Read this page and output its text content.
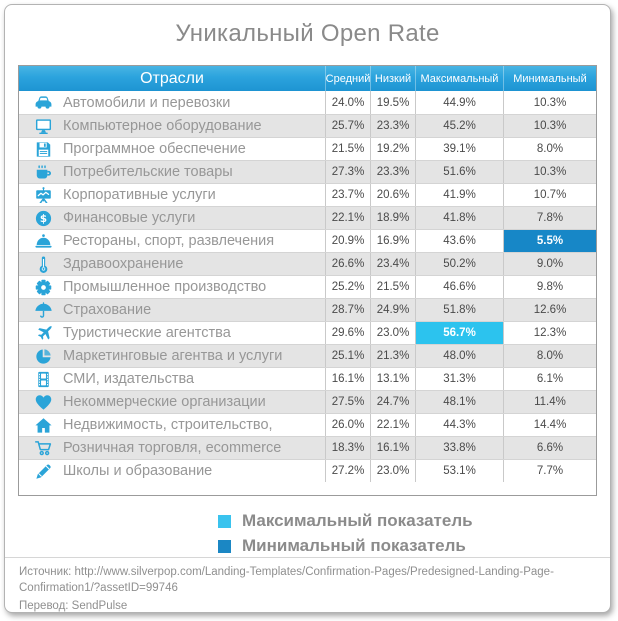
Уникальный Open Rate
Отрасли	Средний Низкий Максимальный	Минимальный
Автомобили и перевозки	24.0%	19.5%	44.9%	10.3%
Компьютерное оборудование	25.7%	23.3%	45.2%	10.3%
Программное обеспечение	21.5%	19.2%	39.1%	8.0%
Потребительские товары	27.3%	23.3%	51.6%	10.3%
Корпоративные услуги	23.7%	20.6%	41.9%	10.7%
Финансовые услуги	22.1%	18.9%	41.8%	7.8%
Рестораны, спорт, развлечения	20.9%	16.9%	43.6%	5.5%
Здравоохранение	26.6%	23.4%	50.2%	9.0%
Промышленное производство	25.2%	21.5%	46.6%	9.8%
Страхование	28.7%	24.9%	51.8%	12.6%
Туристические агентства	29.6%	23.0%	56.7%	12.3%
Маркетинговые агентва и услуги	25.1%	21.3%	48.0%	8.0%
СМИ, издательства	16.1%	13.1%	31.3%	6.1%
Некоммерческие организации	27.5%	24.7%	48.1%	11.4%
Недвижимость, строительство,	26.0%	22.1%	44.3%	14.4%
Розничная торговля, ecommerce	18.3%	16.1%	33.8%	6.6%
Школы и образование	27.2%	23.0%	53.1%	7.7%
Максимальный показатель
Минимальный показатель
Источник: http://www.silverpop.com/Landing-Templates/Confirmation-Pages/Predesigned-Landing-Page-Confirmation1/?assetID=99746
Перевод: SendPulse
